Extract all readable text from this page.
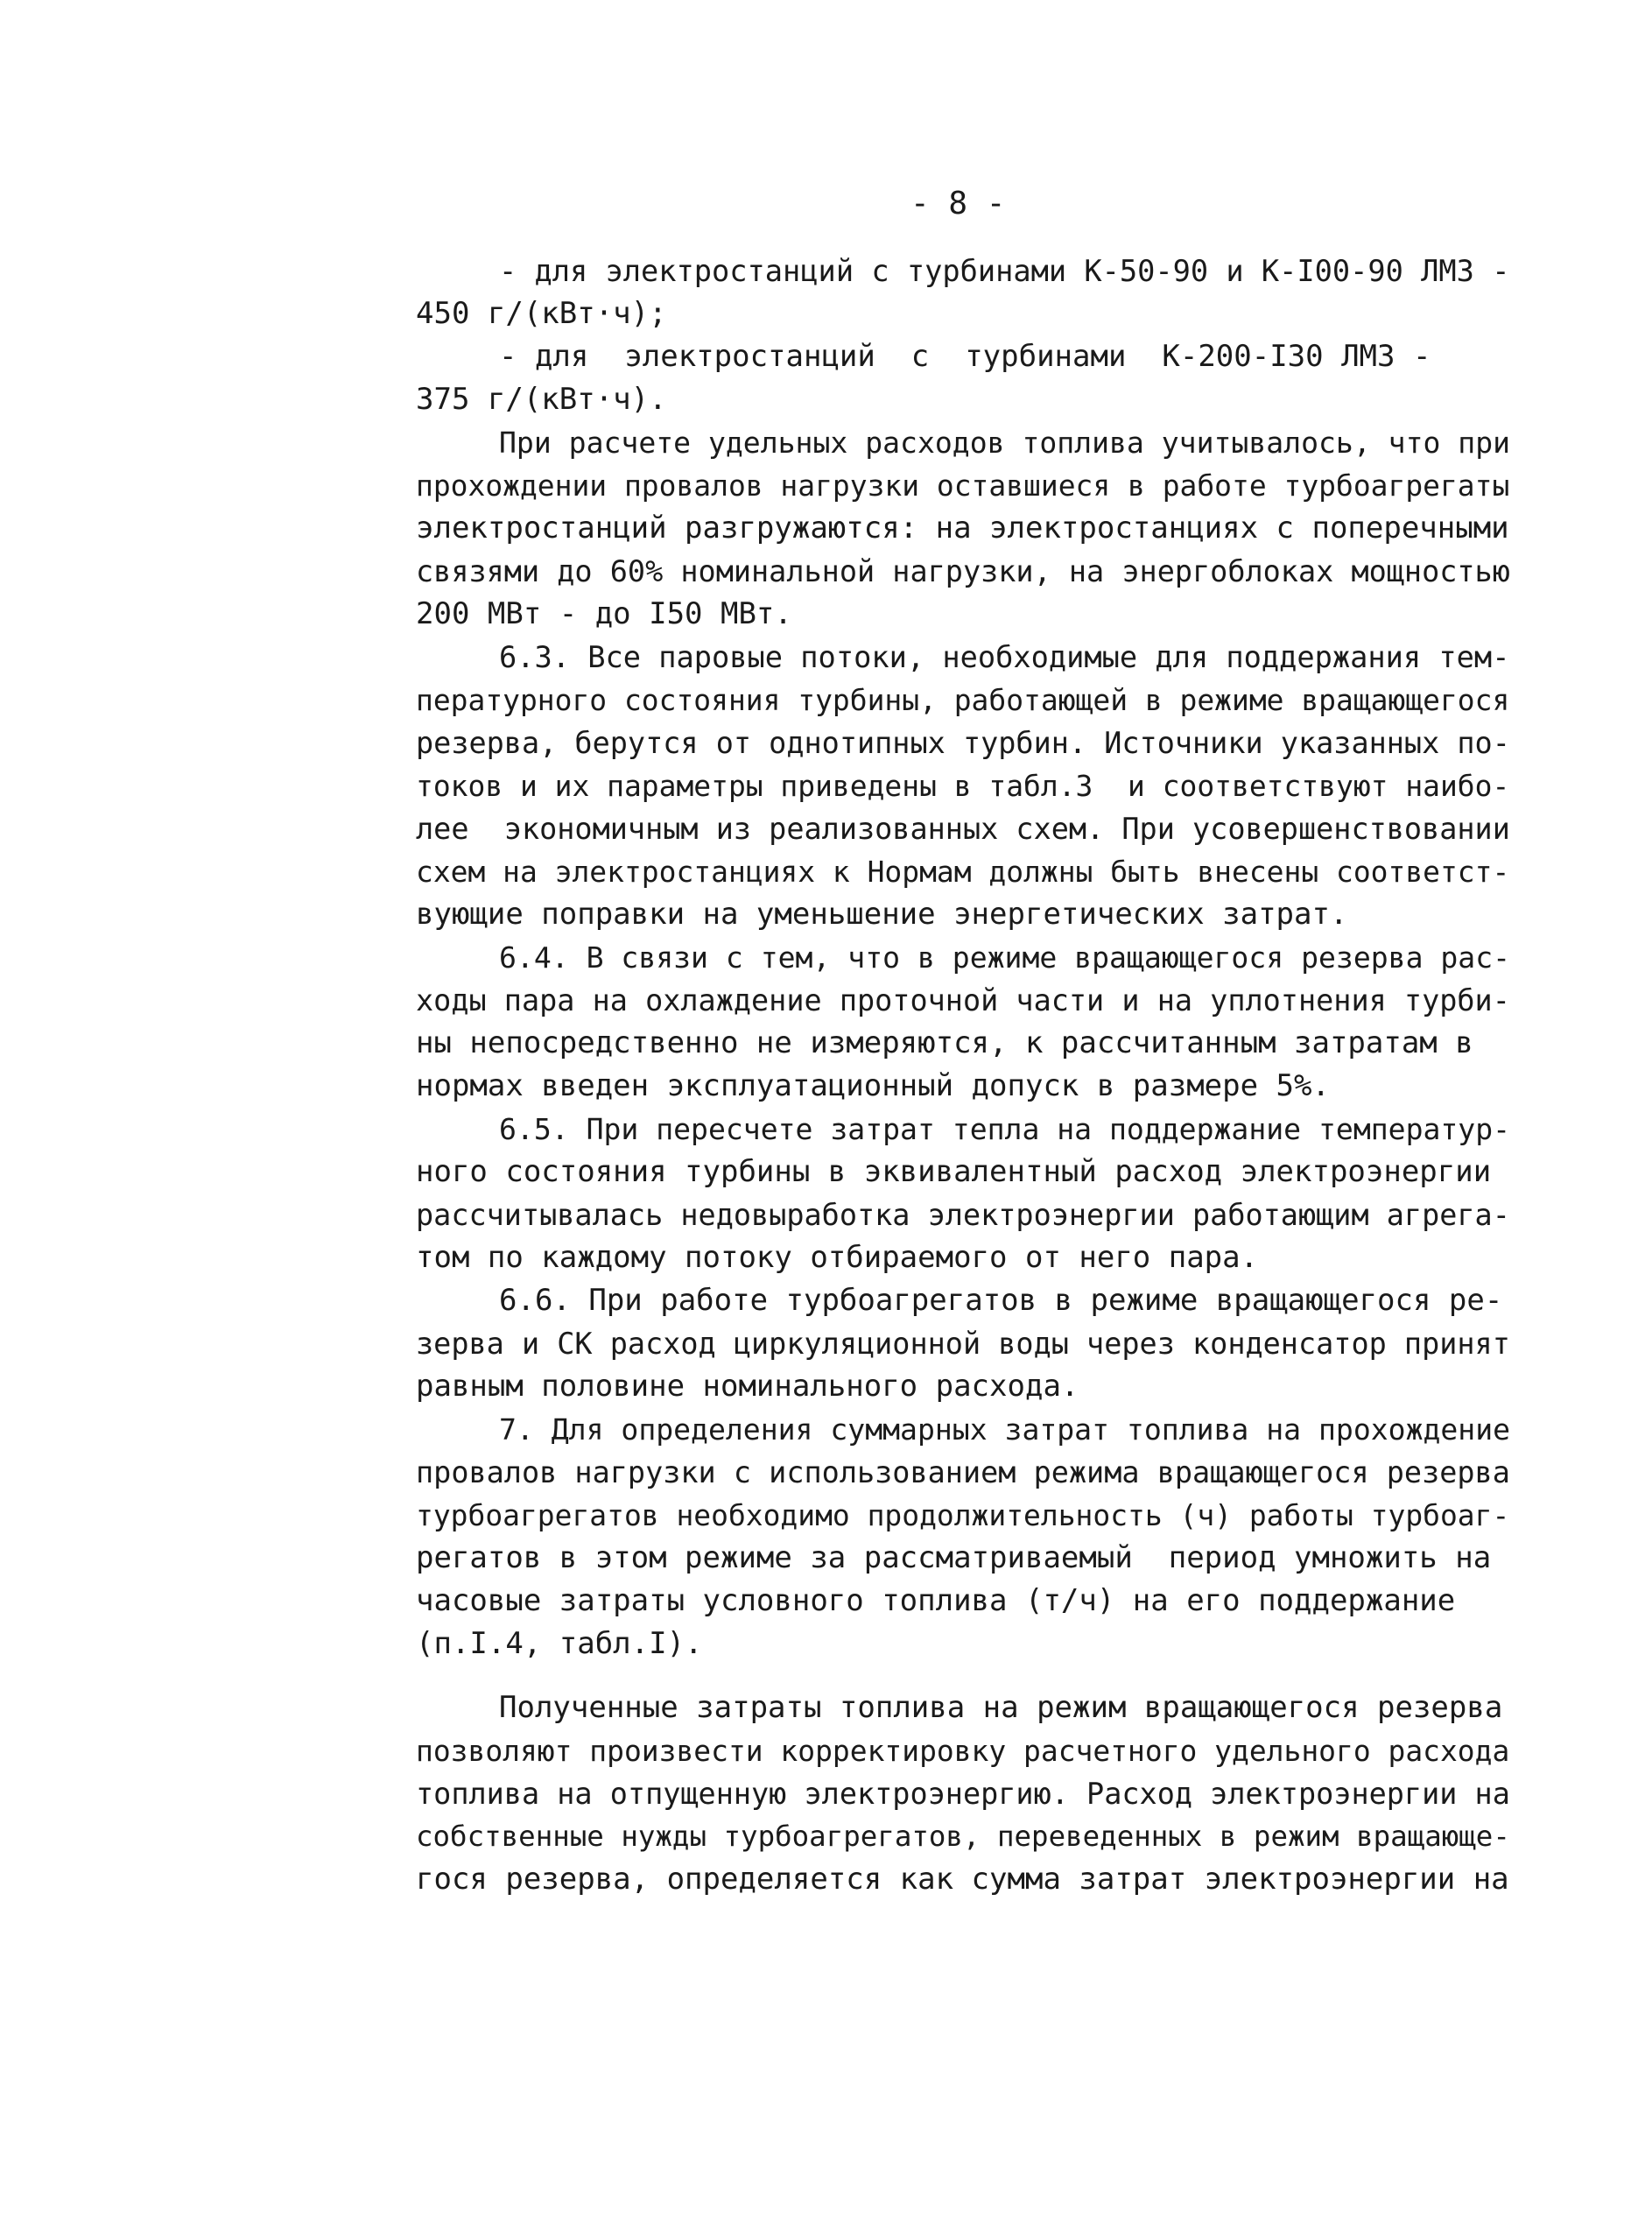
- 8 -
- для электростанций с турбинами К-50-90 и К-I00-90 ЛМЗ -
450 г/(кВт·ч);
- для  электростанций  с  турбинами  К-200-I30 ЛМЗ -
375 г/(кВт·ч).
При расчете удельных расходов топлива учитывалось, что при
прохождении провалов нагрузки оставшиеся в работе турбоагрегаты
электростанций разгружаются: на электростанциях с поперечными
связями до 60% номинальной нагрузки, на энергоблоках мощностью
200 МВт - до I50 МВт.
6.3. Все паровые потоки, необходимые для поддержания тем-
пературного состояния турбины, работающей в режиме вращающегося
резерва, берутся от однотипных турбин. Источники указанных по-
токов и их параметры приведены в табл.3  и соответствуют наибо-
лее  экономичным из реализованных схем. При усовершенствовании
схем на электростанциях к Нормам должны быть внесены соответст-
вующие поправки на уменьшение энергетических затрат.
6.4. В связи с тем, что в режиме вращающегося резерва рас-
ходы пара на охлаждение проточной части и на уплотнения турби-
ны непосредственно не измеряются, к рассчитанным затратам в
нормах введен эксплуатационный допуск в размере 5%.
6.5. При пересчете затрат тепла на поддержание температур-
ного состояния турбины в эквивалентный расход электроэнергии
рассчитывалась недовыработка электроэнергии работающим агрега-
том по каждому потоку отбираемого от него пара.
6.6. При работе турбоагрегатов в режиме вращающегося ре-
зерва и СК расход циркуляционной воды через конденсатор принят
равным половине номинального расхода.
7. Для определения суммарных затрат топлива на прохождение
провалов нагрузки с использованием режима вращающегося резерва
турбоагрегатов необходимо продолжительность (ч) работы турбоаг-
регатов в этом режиме за рассматриваемый  период умножить на
часовые затраты условного топлива (т/ч) на его поддержание
(п.I.4, табл.I).
Полученные затраты топлива на режим вращающегося резерва
позволяют произвести корректировку расчетного удельного расхода
топлива на отпущенную электроэнергию. Расход электроэнергии на
собственные нужды турбоагрегатов, переведенных в режим вращающе-
гося резерва, определяется как сумма затрат электроэнергии на
